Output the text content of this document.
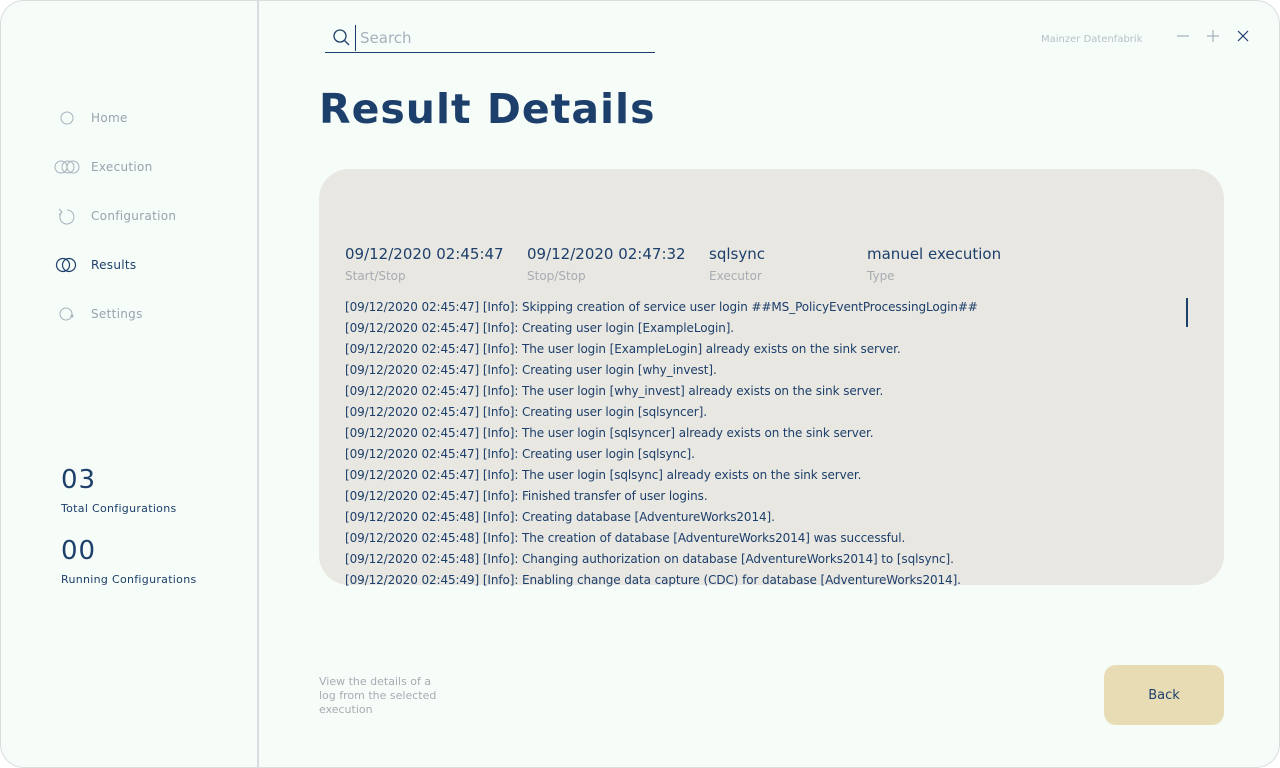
Home
Execution
Configuration
Results
Settings
03
Total Configurations
00
Running Configurations
Search
Mainzer Datenfabrik
Result Details
09/12/2020 02:45:47
Start/Stop
09/12/2020 02:47:32
Stop/Stop
sqlsync
Executor
manuel execution
Type
[09/12/2020 02:45:47] [Info]: Skipping creation of service user login ##MS_PolicyEventProcessingLogin##
[09/12/2020 02:45:47] [Info]: Creating user login [ExampleLogin].
[09/12/2020 02:45:47] [Info]: The user login [ExampleLogin] already exists on the sink server.
[09/12/2020 02:45:47] [Info]: Creating user login [why_invest].
[09/12/2020 02:45:47] [Info]: The user login [why_invest] already exists on the sink server.
[09/12/2020 02:45:47] [Info]: Creating user login [sqlsyncer].
[09/12/2020 02:45:47] [Info]: The user login [sqlsyncer] already exists on the sink server.
[09/12/2020 02:45:47] [Info]: Creating user login [sqlsync].
[09/12/2020 02:45:47] [Info]: The user login [sqlsync] already exists on the sink server.
[09/12/2020 02:45:47] [Info]: Finished transfer of user logins.
[09/12/2020 02:45:48] [Info]: Creating database [AdventureWorks2014].
[09/12/2020 02:45:48] [Info]: The creation of database [AdventureWorks2014] was successful.
[09/12/2020 02:45:48] [Info]: Changing authorization on database [AdventureWorks2014] to [sqlsync].
[09/12/2020 02:45:49] [Info]: Enabling change data capture (CDC) for database [AdventureWorks2014].
View the details of a log from the selected execution
Back
